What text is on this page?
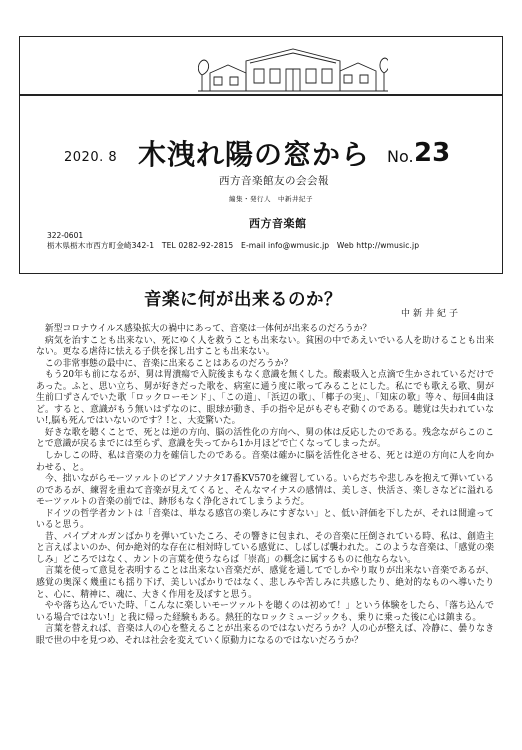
2020. 8 木洩れ陽の窓から No. 23
西方音楽館友の会会報
編集・発行人　中新井紀子
西方音楽館
322-0601
栃木県栃木市西方町金崎342-1　TEL 0282-92-2815　E-mail info@wmusic.jp　Web http://wmusic.jp
音楽に何が出来るのか？
中新井紀子

新型コロナウイルス感染拡大の禍中にあって、音楽は一体何が出来るのだろうか？

病気を治すことも出来ない、死にゆく人を救うことも出来ない。貧困の中であえいでいる人を助けることも出来ない。更なる虐待に怯える子供を探し出すことも出来ない。

この非常事態の最中に、音楽に出来ることはあるのだろうか？

もう20年も前になるが、舅は胃潰瘍で入院後まもなく意識を無くした。酸素吸入と点滴で生かされているだけであった。ふと、思い立ち、舅が好きだった歌を、病室に通う度に歌ってみることにした。私にでも歌える歌、舅が生前口ずさんでいた歌「ロックローモンド」、「この道」、「浜辺の歌」、「椰子の実」、「知床の歌」等々、毎回4曲ほど。すると、意識がもう無いはずなのに、眼球が動き、手の指や足がもぞもぞ動くのである。聴覚は失われていない!,脳も死んではいないのです？!と、大変驚いた。

好きな歌を聴くことで、死とは逆の方向、脳の活性化の方向へ、舅の体は反応したのである。残念ながらこのことで意識が戻るまでには至らず、意識を失ってから1か月ほどで亡くなってしまったが。

しかしこの時、私は音楽の力を確信したのである。音楽は確かに脳を活性化させる、死とは逆の方向に人を向かわせる、と。

今、拙いながらモーツァルトのピアノソナタ17番KV570を練習している。いらだちや悲しみを抱えて弾いているのであるが、練習を重ねて音楽が見えてくると、そんなマイナスの感情は、美しさ、快活さ、楽しさなどに溢れるモーツァルトの音楽の前では、跡形もなく浄化されてしまうようだ。

ドイツの哲学者カントは「音楽は、単なる感官の楽しみにすぎない」と、低い評価を下したが、それは間違っていると思う。

昔、パイプオルガンばかりを弾いていたころ、その響きに包まれ、その音楽に圧倒されている時、私は、創造主と言えばよいのか、何か絶対的な存在に相対時している感覚に、しばしば襲われた。このような音楽は、「感覚の楽しみ」どころではなく、カントの言葉を使うならば「崇高」の概念に属するものに他ならない。

言葉を使って意見を表明することは出来ない音楽だが、感覚を通してでしかやり取りが出来ない音楽であるが、感覚の奥深く幾重にも揺り下げ、美しいばかりではなく、悲しみや苦しみに共感したり、絶対的なものへ導いたりと、心に、精神に、魂に、大きく作用を及ぼすと思う。

やや落ち込んでいた時、「こんなに楽しいモーツァルトを聴くのは初めて！」という体験をしたら、「落ち込んでいる場合ではない!」と我に帰った経験もある。熱狂的なロックミュージックも、乗りに乗った後に心は鎮まる。

言葉を替えれば、音楽は人の心を整えることが出来るのではないだろうか？人の心が整えば、冷静に、曇りなき眼で世の中を見つめ、それは社会を変えていく原動力になるのではないだろうか？
